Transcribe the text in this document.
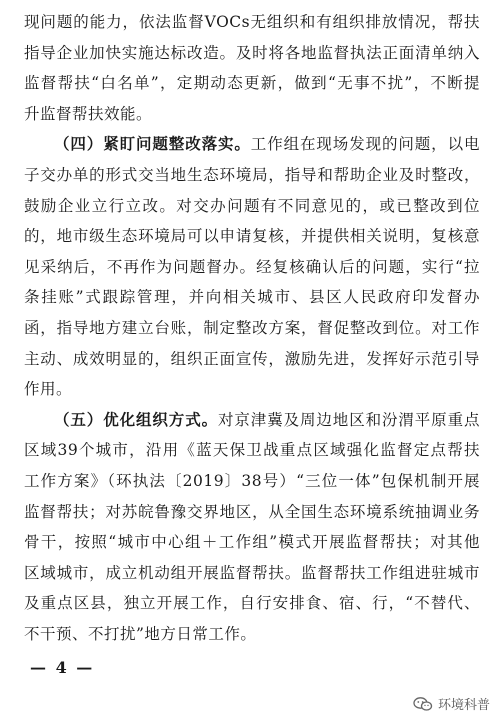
现问题的能力，依法监督VOCs无组织和有组织排放情况，帮扶
指导企业加快实施达标改造。及时将各地监督执法正面清单纳入
监督帮扶“白名单”，定期动态更新，做到“无事不扰”，不断提
升监督帮扶效能。
（四）紧盯问题整改落实。工作组在现场发现的问题，以电
子交办单的形式交当地生态环境局，指导和帮助企业及时整改，
鼓励企业立行立改。对交办问题有不同意见的，或已整改到位
的，地市级生态环境局可以申请复核，并提供相关说明，复核意
见采纳后，不再作为问题督办。经复核确认后的问题，实行“拉
条挂账”式跟踪管理，并向相关城市、县区人民政府印发督办
函，指导地方建立台账，制定整改方案，督促整改到位。对工作
主动、成效明显的，组织正面宣传，激励先进，发挥好示范引导
作用。
（五）优化组织方式。对京津冀及周边地区和汾渭平原重点
区域39个城市，沿用《蓝天保卫战重点区域强化监督定点帮扶
工作方案》（环执法〔2019〕38号）“三位一体”包保机制开展
监督帮扶；对苏皖鲁豫交界地区，从全国生态环境系统抽调业务
骨干，按照“城市中心组＋工作组”模式开展监督帮扶；对其他
区域城市，成立机动组开展监督帮扶。监督帮扶工作组进驻城市
及重点区县，独立开展工作，自行安排食、宿、行，“不替代、
不干预、不打扰”地方日常工作。
— 4 —
环境科普
